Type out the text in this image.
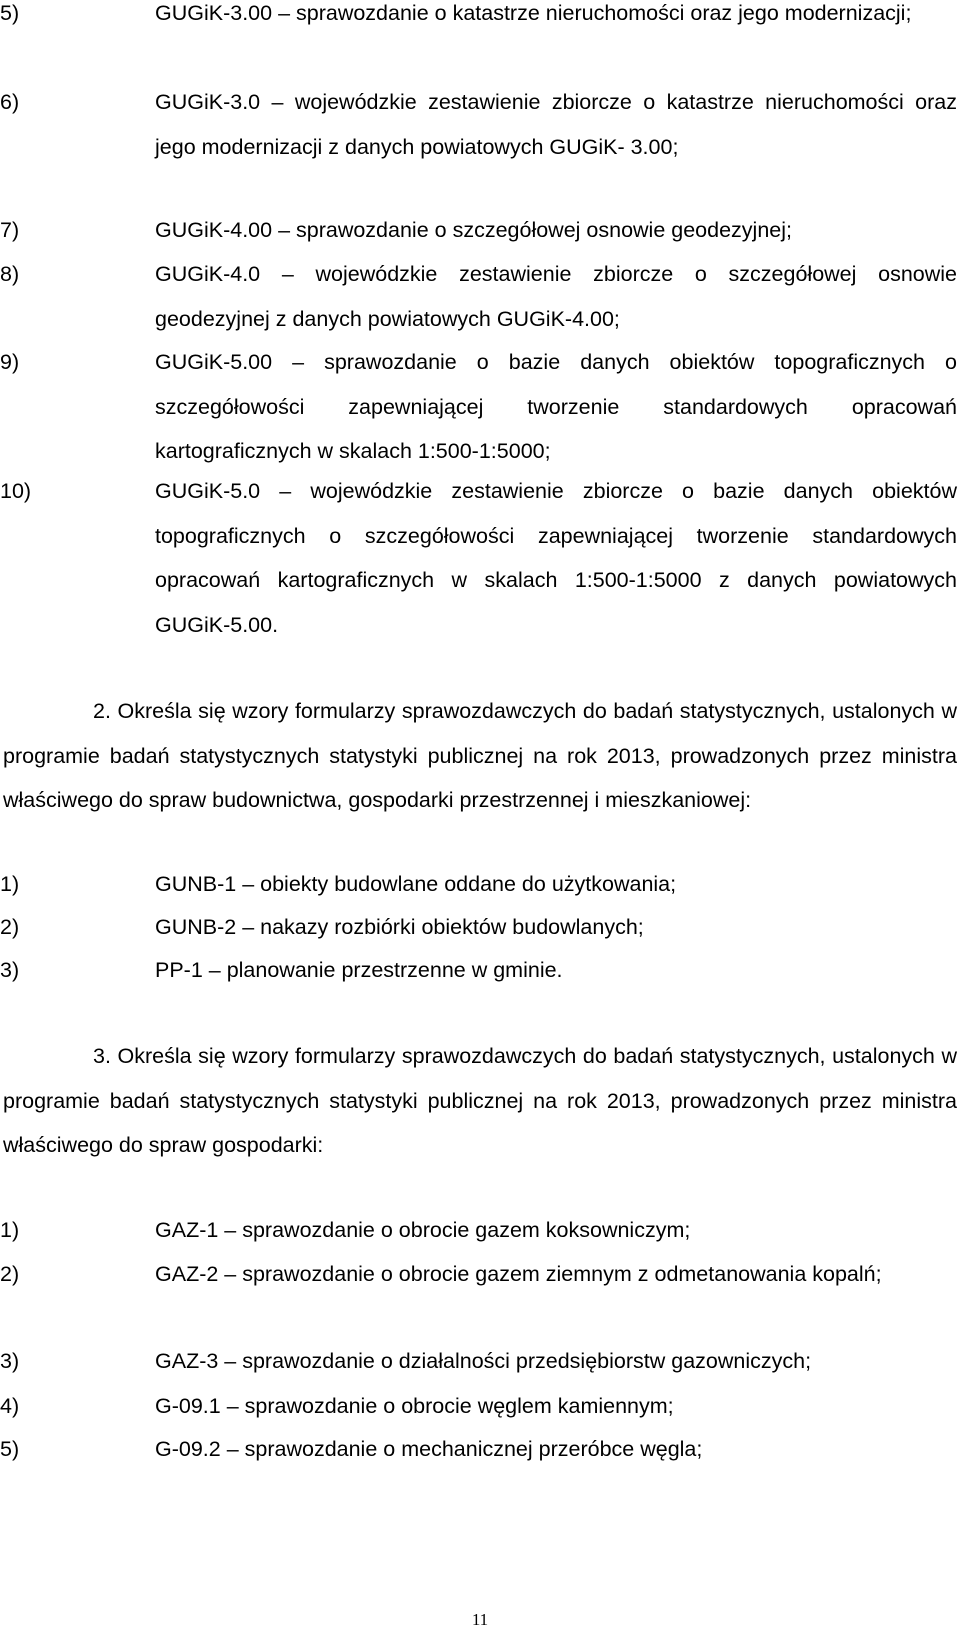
5)	GUGiK-3.00 – sprawozdanie o katastrze nieruchomości oraz jego modernizacji;
6)	GUGiK-3.0 – wojewódzkie zestawienie zbiorcze o katastrze nieruchomości oraz jego modernizacji z danych powiatowych GUGiK- 3.00;
7)	GUGiK-4.00 – sprawozdanie o szczegółowej osnowie geodezyjnej;
8)	GUGiK-4.0 – wojewódzkie zestawienie zbiorcze o szczegółowej osnowie geodezyjnej z danych powiatowych GUGiK-4.00;
9)	GUGiK-5.00 – sprawozdanie o bazie danych obiektów topograficznych o szczegółowości zapewniającej tworzenie standardowych opracowań kartograficznych w skalach 1:500-1:5000;
10)	GUGiK-5.0 – wojewódzkie zestawienie zbiorcze o bazie danych obiektów topograficznych o szczegółowości zapewniającej tworzenie standardowych opracowań kartograficznych w skalach 1:500-1:5000 z danych powiatowych GUGiK-5.00.
2. Określa się wzory formularzy sprawozdawczych do badań statystycznych, ustalonych w programie badań statystycznych statystyki publicznej na rok 2013, prowadzonych przez ministra właściwego do spraw budownictwa, gospodarki przestrzennej i mieszkaniowej:
1)	GUNB-1 – obiekty budowlane oddane do użytkowania;
2)	GUNB-2 – nakazy rozbiórki obiektów budowlanych;
3)	PP-1 – planowanie przestrzenne w gminie.
3. Określa się wzory formularzy sprawozdawczych do badań statystycznych, ustalonych w programie badań statystycznych statystyki publicznej na rok 2013, prowadzonych przez ministra właściwego do spraw gospodarki:
1)	GAZ-1 – sprawozdanie o obrocie gazem koksowniczym;
2)	GAZ-2 – sprawozdanie o obrocie gazem ziemnym z odmetanowania kopalń;
3)	GAZ-3 – sprawozdanie o działalności przedsiębiorstw gazowniczych;
4)	G-09.1 – sprawozdanie o obrocie węglem kamiennym;
5)	G-09.2 – sprawozdanie o mechanicznej przeróbce węgla;
11
